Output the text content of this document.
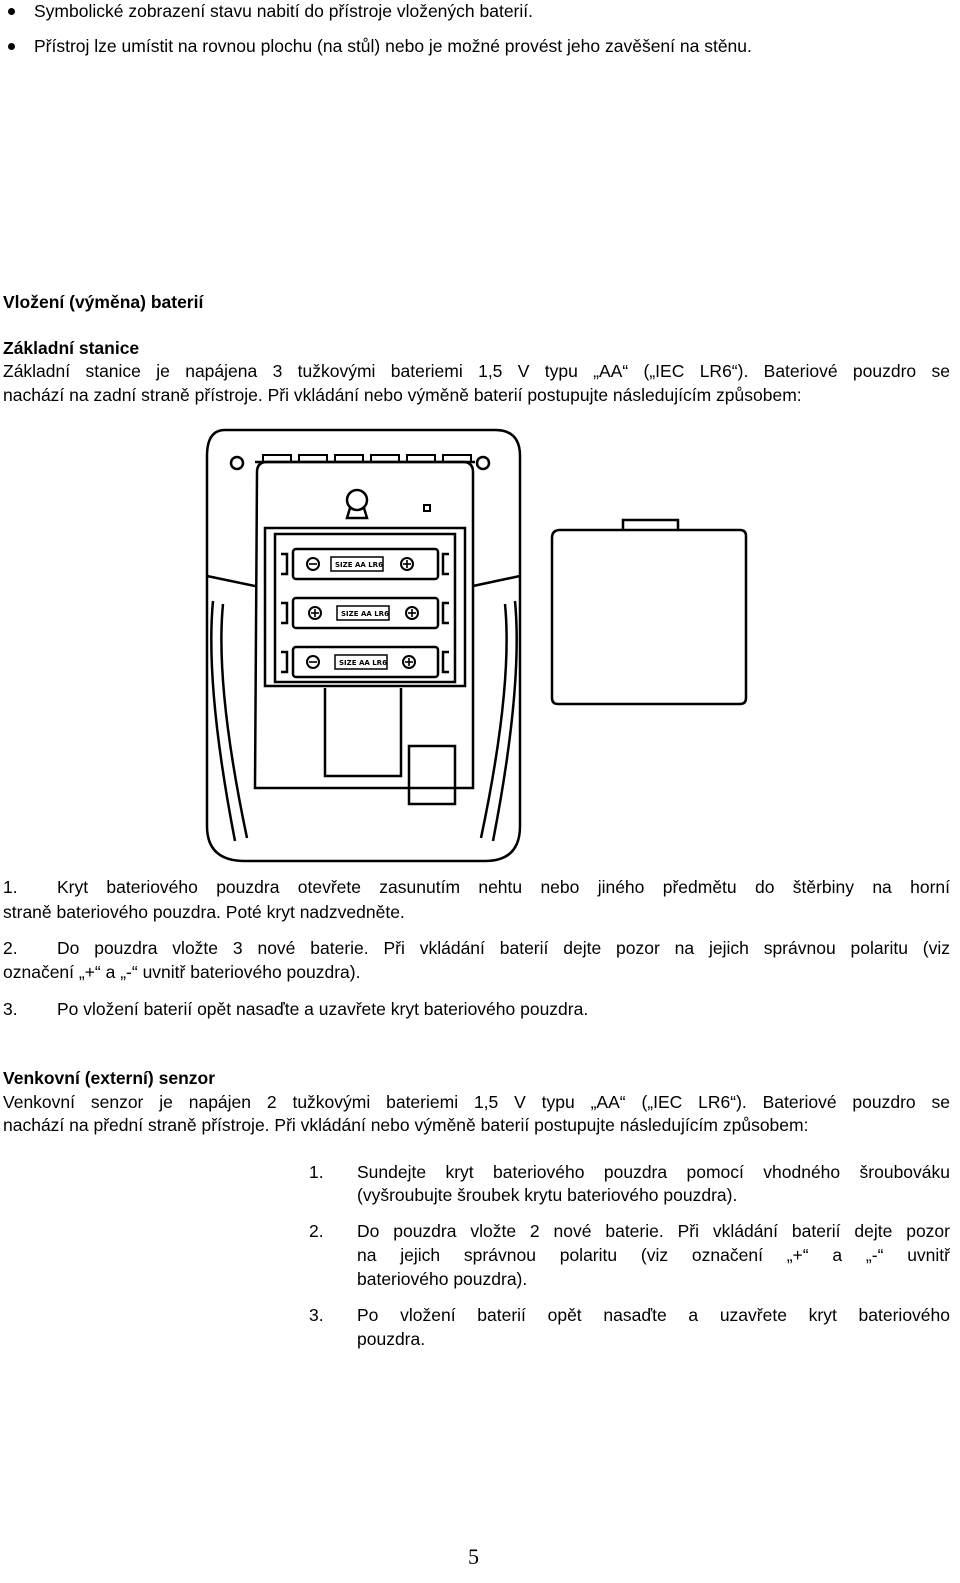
Symbolické zobrazení stavu nabití do přístroje vložených baterií.
Přístroj lze umístit na rovnou plochu (na stůl) nebo je možné provést jeho zavěšení na stěnu.
Vložení (výměna) baterií
Základní stanice
Základní stanice je napájena 3 tužkovými bateriemi 1,5 V typu „AA“ („IEC LR6“). Bateriové pouzdro se
nachází na zadní straně přístroje. Při vkládání nebo výměně baterií postupujte následujícím způsobem:
SIZE AA LR6
SIZE AA LR6
SIZE AA LR6
1. Kryt bateriového pouzdra otevřete zasunutím nehtu nebo jiného předmětu do štěrbiny na horní
straně bateriového pouzdra. Poté kryt nadzvedněte.
2. Do pouzdra vložte 3 nové baterie. Při vkládání baterií dejte pozor na jejich správnou polaritu (viz
označení „+“ a „-“ uvnitř bateriového pouzdra).
3. Po vložení baterií opět nasaďte a uzavřete kryt bateriového pouzdra.
Venkovní (externí) senzor
Venkovní senzor je napájen 2 tužkovými bateriemi 1,5 V typu „AA“ („IEC LR6“). Bateriové pouzdro se
nachází na přední straně přístroje. Při vkládání nebo výměně baterií postupujte následujícím způsobem:
1. Sundejte kryt bateriového pouzdra pomocí vhodného šroubováku
(vyšroubujte šroubek krytu bateriového pouzdra).
2. Do pouzdra vložte 2 nové baterie. Při vkládání baterií dejte pozor
na jejich správnou polaritu (viz označení „+“ a „-“ uvnitř
bateriového pouzdra).
3. Po vložení baterií opět nasaďte a uzavřete kryt bateriového
pouzdra.
5
